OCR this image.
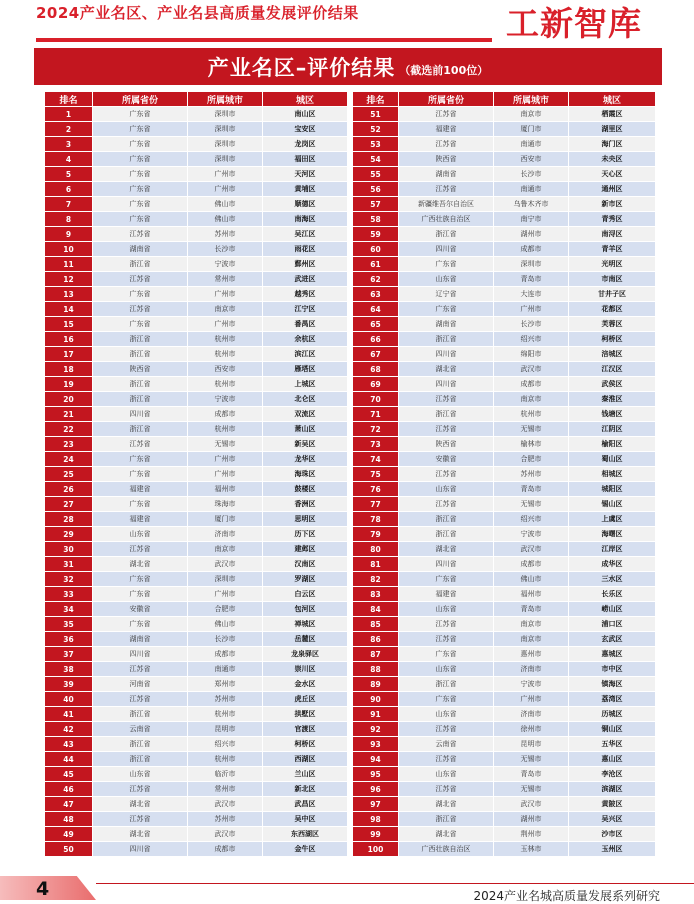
2024产业名区、产业名县高质量发展评价结果	工新智库
产业名区–评价结果 （截选前100位）
排名	所属省份	所属城市	城区		排名	所属省份	所属城市	城区
1	广东省	深圳市	南山区		51	江苏省	南京市	栖霞区
2	广东省	深圳市	宝安区		52	福建省	厦门市	湖里区
3	广东省	深圳市	龙岗区		53	江苏省	南通市	海门区
4	广东省	深圳市	福田区		54	陕西省	西安市	未央区
5	广东省	广州市	天河区		55	湖南省	长沙市	天心区
6	广东省	广州市	黄埔区		56	江苏省	南通市	通州区
7	广东省	佛山市	顺德区		57	新疆维吾尔自治区	乌鲁木齐市	新市区
8	广东省	佛山市	南海区		58	广西壮族自治区	南宁市	青秀区
9	江苏省	苏州市	吴江区		59	浙江省	湖州市	南浔区
10	湖南省	长沙市	雨花区		60	四川省	成都市	青羊区
11	浙江省	宁波市	鄞州区		61	广东省	深圳市	光明区
12	江苏省	常州市	武进区		62	山东省	青岛市	市南区
13	广东省	广州市	越秀区		63	辽宁省	大连市	甘井子区
14	江苏省	南京市	江宁区		64	广东省	广州市	花都区
15	广东省	广州市	番禺区		65	湖南省	长沙市	芙蓉区
16	浙江省	杭州市	余杭区		66	浙江省	绍兴市	柯桥区
17	浙江省	杭州市	滨江区		67	四川省	绵阳市	涪城区
18	陕西省	西安市	雁塔区		68	湖北省	武汉市	江汉区
19	浙江省	杭州市	上城区		69	四川省	成都市	武侯区
20	浙江省	宁波市	北仑区		70	江苏省	南京市	秦淮区
21	四川省	成都市	双流区		71	浙江省	杭州市	钱塘区
22	浙江省	杭州市	萧山区		72	江苏省	无锡市	江阴区
23	江苏省	无锡市	新吴区		73	陕西省	榆林市	榆阳区
24	广东省	广州市	龙华区		74	安徽省	合肥市	蜀山区
25	广东省	广州市	海珠区		75	江苏省	苏州市	相城区
26	福建省	福州市	鼓楼区		76	山东省	青岛市	城阳区
27	广东省	珠海市	香洲区		77	江苏省	无锡市	锡山区
28	福建省	厦门市	思明区		78	浙江省	绍兴市	上虞区
29	山东省	济南市	历下区		79	浙江省	宁波市	海曙区
30	江苏省	南京市	建邺区		80	湖北省	武汉市	江岸区
31	湖北省	武汉市	汉南区		81	四川省	成都市	成华区
32	广东省	深圳市	罗湖区		82	广东省	佛山市	三水区
33	广东省	广州市	白云区		83	福建省	福州市	长乐区
34	安徽省	合肥市	包河区		84	山东省	青岛市	崂山区
35	广东省	佛山市	禅城区		85	江苏省	南京市	浦口区
36	湖南省	长沙市	岳麓区		86	江苏省	南京市	玄武区
37	四川省	成都市	龙泉驿区		87	广东省	惠州市	惠城区
38	江苏省	南通市	崇川区		88	山东省	济南市	市中区
39	河南省	郑州市	金水区		89	浙江省	宁波市	镇海区
40	江苏省	苏州市	虎丘区		90	广东省	广州市	荔湾区
41	浙江省	杭州市	拱墅区		91	山东省	济南市	历城区
42	云南省	昆明市	官渡区		92	江苏省	徐州市	铜山区
43	浙江省	绍兴市	柯桥区		93	云南省	昆明市	五华区
44	浙江省	杭州市	西湖区		94	江苏省	无锡市	惠山区
45	山东省	临沂市	兰山区		95	山东省	青岛市	李沧区
46	江苏省	常州市	新北区		96	江苏省	无锡市	滨湖区
47	湖北省	武汉市	武昌区		97	湖北省	武汉市	黄陂区
48	江苏省	苏州市	吴中区		98	浙江省	湖州市	吴兴区
49	湖北省	武汉市	东西湖区		99	湖北省	荆州市	沙市区
50	四川省	成都市	金牛区		100	广西壮族自治区	玉林市	玉州区
4	2024产业名城高质量发展系列研究
